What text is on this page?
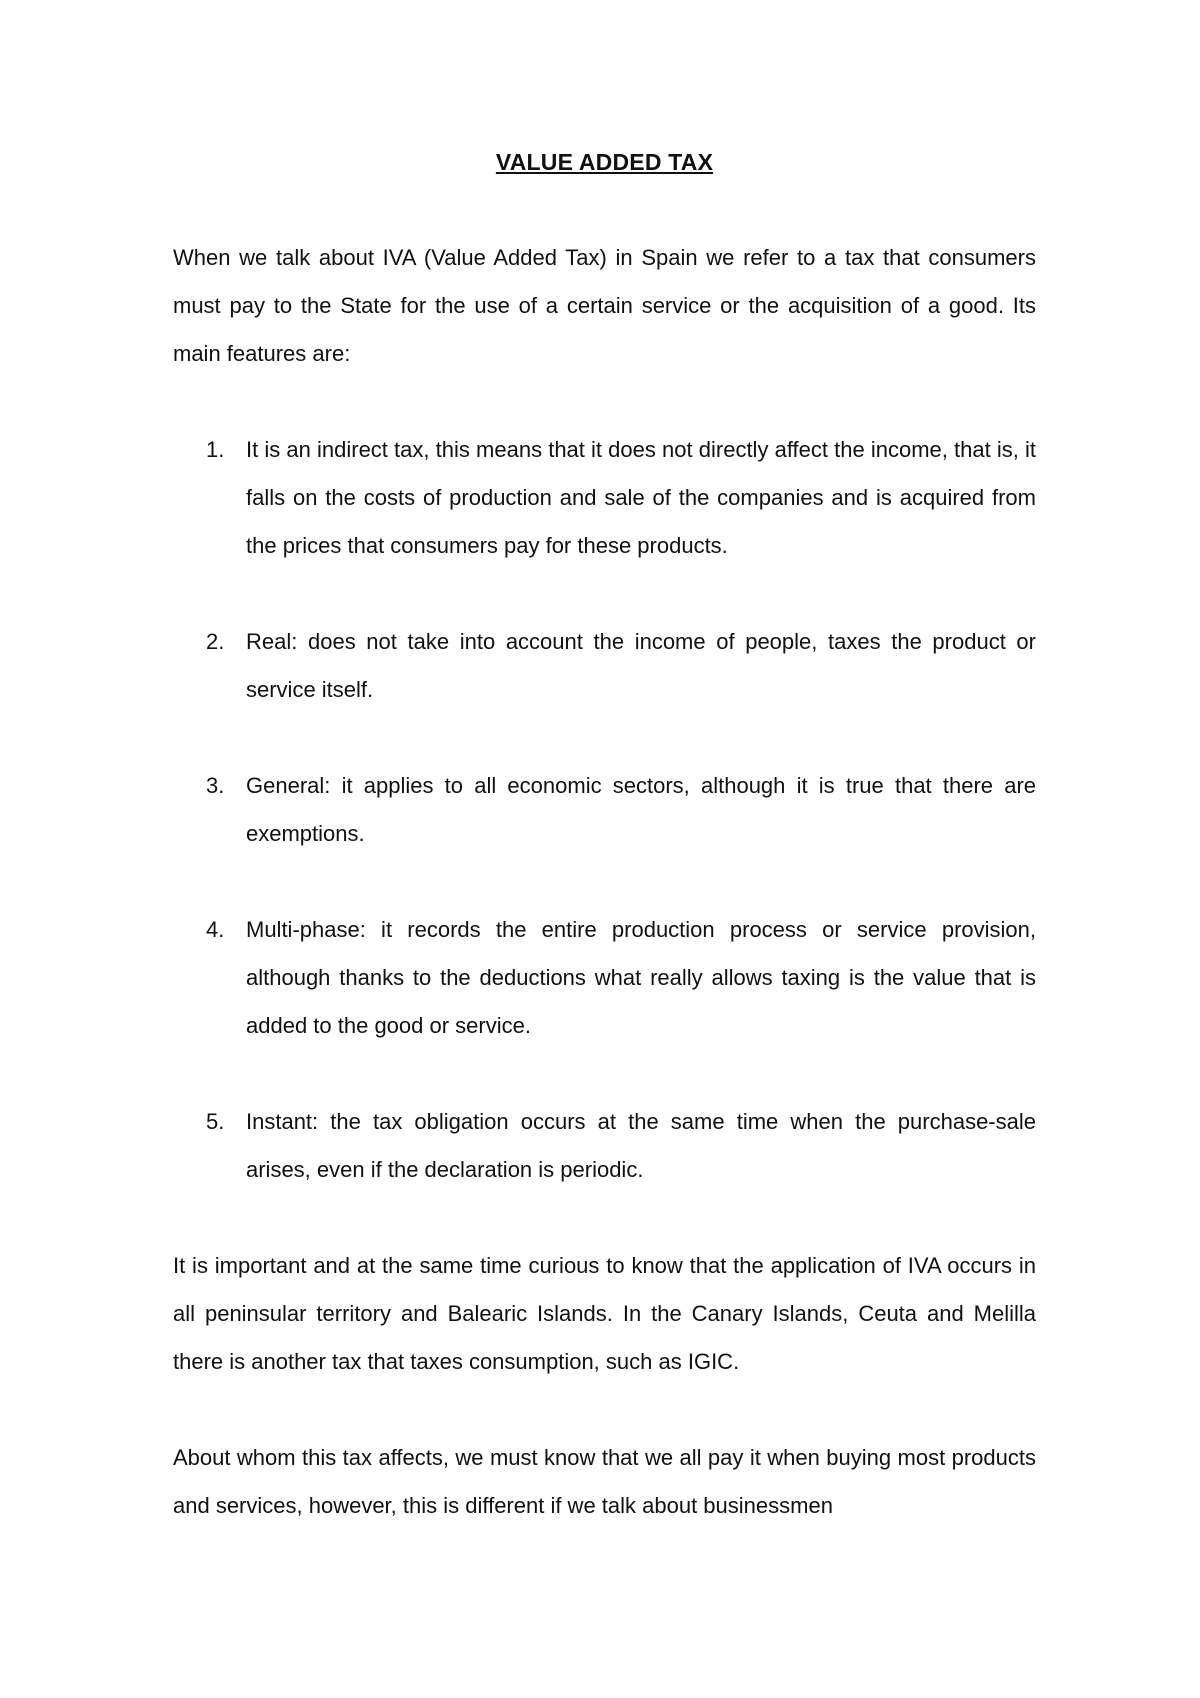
VALUE ADDED TAX

When we talk about IVA (Value Added Tax) in Spain we refer to a tax that consumers must pay to the State for the use of a certain service or the acquisition of a good. Its main features are:

1. It is an indirect tax, this means that it does not directly affect the income, that is, it falls on the costs of production and sale of the companies and is acquired from the prices that consumers pay for these products.
2. Real: does not take into account the income of people, taxes the product or service itself.
3. General: it applies to all economic sectors, although it is true that there are exemptions.
4. Multi-phase: it records the entire production process or service provision, although thanks to the deductions what really allows taxing is the value that is added to the good or service.
5. Instant: the tax obligation occurs at the same time when the purchase-sale arises, even if the declaration is periodic.

It is important and at the same time curious to know that the application of IVA occurs in all peninsular territory and Balearic Islands. In the Canary Islands, Ceuta and Melilla there is another tax that taxes consumption, such as IGIC.

About whom this tax affects, we must know that we all pay it when buying most products and services, however, this is different if we talk about businessmen
